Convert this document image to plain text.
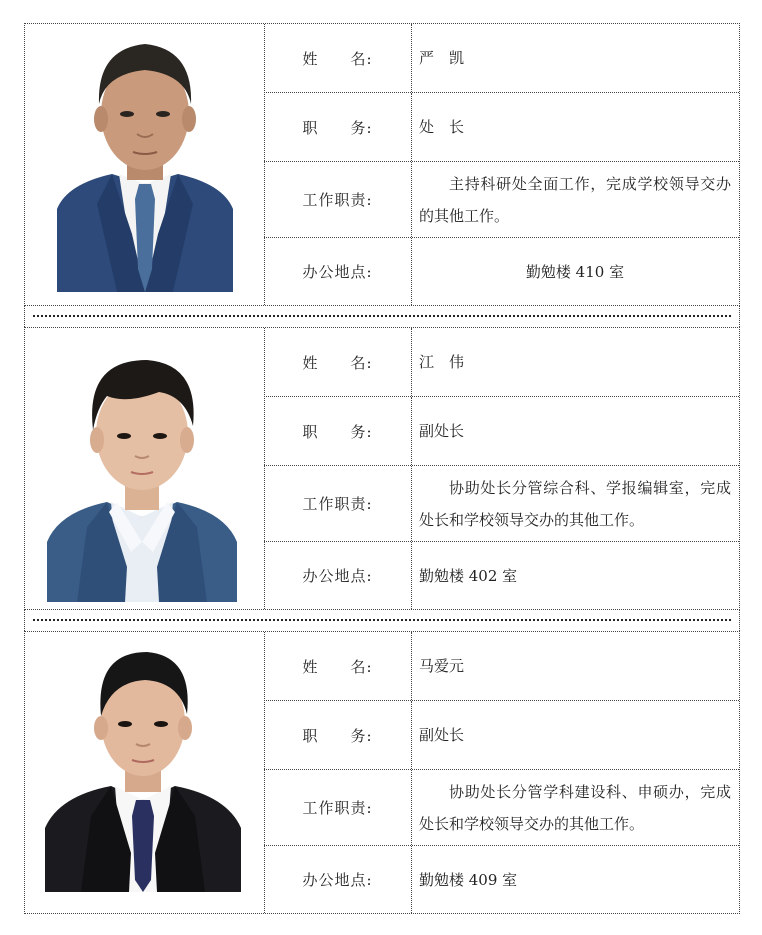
姓　　名:	严　凯
职　　务:	处　长
工作职责:
主持科研处全面工作，完成学校领导交办的其他工作。
办公地点:	勤勉楼 410 室
姓　　名:	江　伟
职　　务:	副处长
工作职责:
协助处长分管综合科、学报编辑室，完成处长和学校领导交办的其他工作。
办公地点:	勤勉楼 402 室
姓　　名:	马爱元
职　　务:	副处长
工作职责:
协助处长分管学科建设科、申硕办，完成处长和学校领导交办的其他工作。
办公地点:	勤勉楼 409 室
